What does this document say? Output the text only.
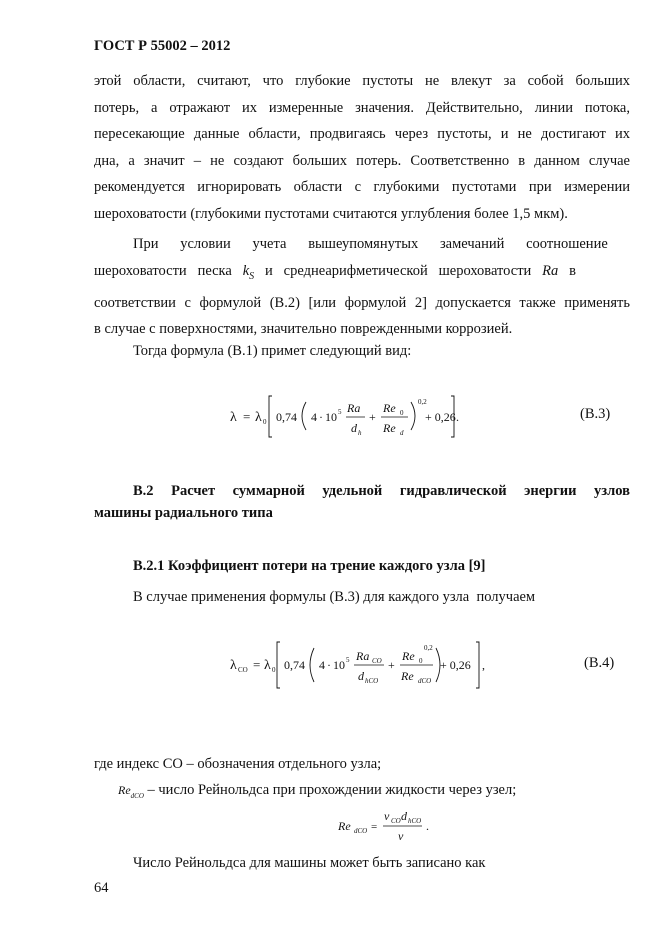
ГОСТ Р 55002 – 2012
этой области, считают, что глубокие пустоты не влекут за собой больших
потерь, а отражают их измеренные значения. Действительно, линии потока,
пересекающие данные области, продвигаясь через пустоты, и не достигают их
дна, а значит – не создают больших потерь. Соответственно в данном случае
рекомендуется игнорировать области с глубокими пустотами при измерении
шероховатости (глубокими пустотами считаются углубления более 1,5 мкм).
При      условии      учета      вышеупомянутых      замечаний      соотношение
шероховатости   песка   $k_S$   и   среднеарифметической   шероховатости   Ra   в
соответствии с формулой (В.2) [или формулой 2] допускается также применять
в случае с поверхностями, значительно поврежденными коррозией.
Тогда формула (В.1) примет следующий вид:
λ = λ 0 0,74 4 · 10 5 Ra
d h
+
Re 0
Re d
0,2
+ 0,26 .	(В.3)
В.2 Расчет суммарной удельной гидравлической энергии узлов
машины радиального типа
В.2.1 Коэффициент потери на трение каждого узла [9]
В случае применения формулы (В.3) для каждого узла  получаем
λ CO = λ 0 0,74 4 · 10 5 Ra CO
d hCO
+
Re 0
Re dCO
0,2
+ 0,26 ,	(В.4)
где индекс СО – обозначения отдельного узла;
$Re_{dCO}$ – число Рейнольдса при прохождении жидкости через узел;
Re dCO =
v CO d hCO
ν
.
Число Рейнольдса для машины может быть записано как
64
